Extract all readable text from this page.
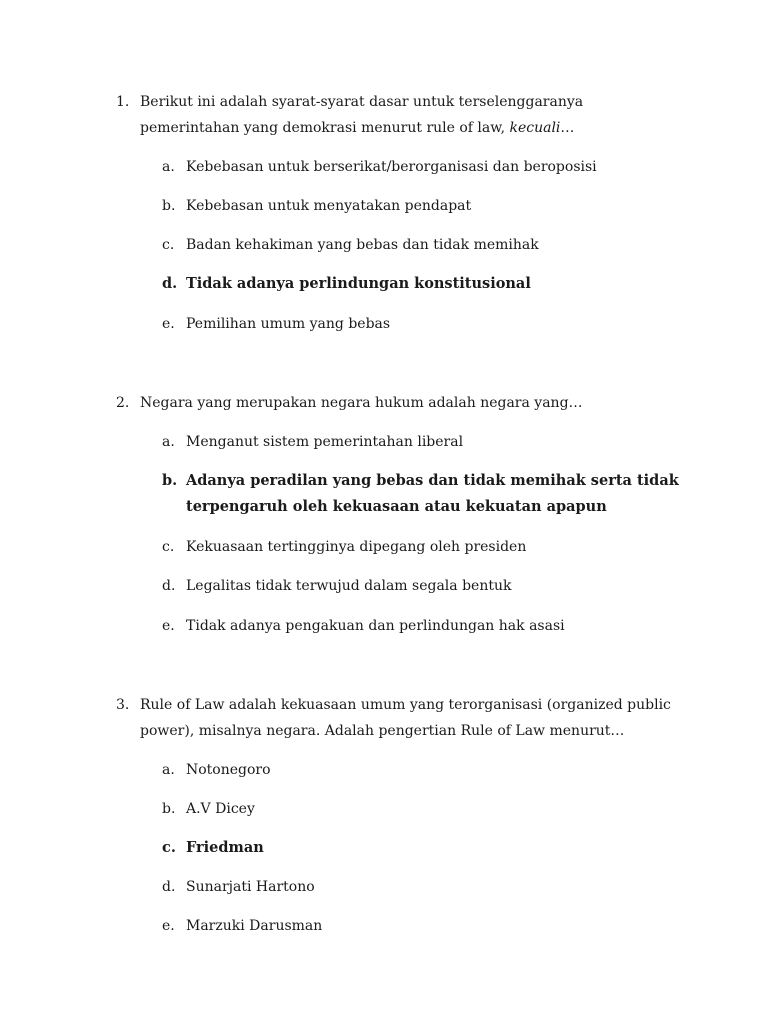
1. Berikut ini adalah syarat-syarat dasar untuk terselenggaranya pemerintahan yang demokrasi menurut rule of law, kecuali…
a. Kebebasan untuk berserikat/berorganisasi dan beroposisi
b. Kebebasan untuk menyatakan pendapat
c. Badan kehakiman yang bebas dan tidak memihak
d. Tidak adanya perlindungan konstitusional
e. Pemilihan umum yang bebas
2. Negara yang merupakan negara hukum adalah negara yang…
a. Menganut sistem pemerintahan liberal
b. Adanya peradilan yang bebas dan tidak memihak serta tidak terpengaruh oleh kekuasaan atau kekuatan apapun
c. Kekuasaan tertingginya dipegang oleh presiden
d. Legalitas tidak terwujud dalam segala bentuk
e. Tidak adanya pengakuan dan perlindungan hak asasi
3. Rule of Law adalah kekuasaan umum yang terorganisasi (organized public power), misalnya negara. Adalah pengertian Rule of Law menurut…
a. Notonegoro
b. A.V Dicey
c. Friedman
d. Sunarjati Hartono
e. Marzuki Darusman
